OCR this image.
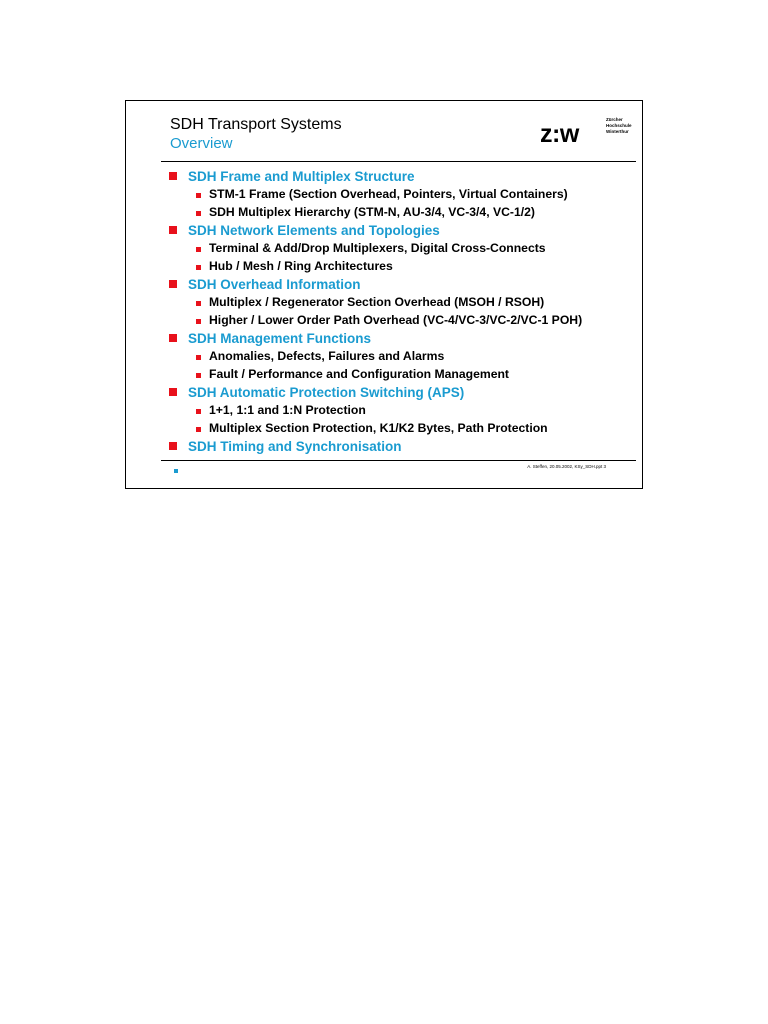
SDH Transport Systems
Overview	z:w
Zürcher
Hochschule
Winterthur
SDH Frame and Multiplex Structure
STM-1 Frame (Section Overhead, Pointers, Virtual Containers)
SDH Multiplex Hierarchy (STM-N, AU-3/4, VC-3/4, VC-1/2)
SDH Network Elements and Topologies
Terminal & Add/Drop Multiplexers, Digital Cross-Connects
Hub / Mesh / Ring Architectures
SDH Overhead Information
Multiplex / Regenerator Section Overhead (MSOH / RSOH)
Higher / Lower Order Path Overhead (VC-4/VC-3/VC-2/VC-1 POH)
SDH Management Functions
Anomalies, Defects, Failures and Alarms
Fault / Performance and Configuration Management
SDH Automatic Protection Switching (APS)
1+1, 1:1 and 1:N Protection
Multiplex Section Protection, K1/K2 Bytes, Path Protection
SDH Timing and Synchronisation
A. Steffen, 20.05.2002, KSy_SDH.ppt 3
